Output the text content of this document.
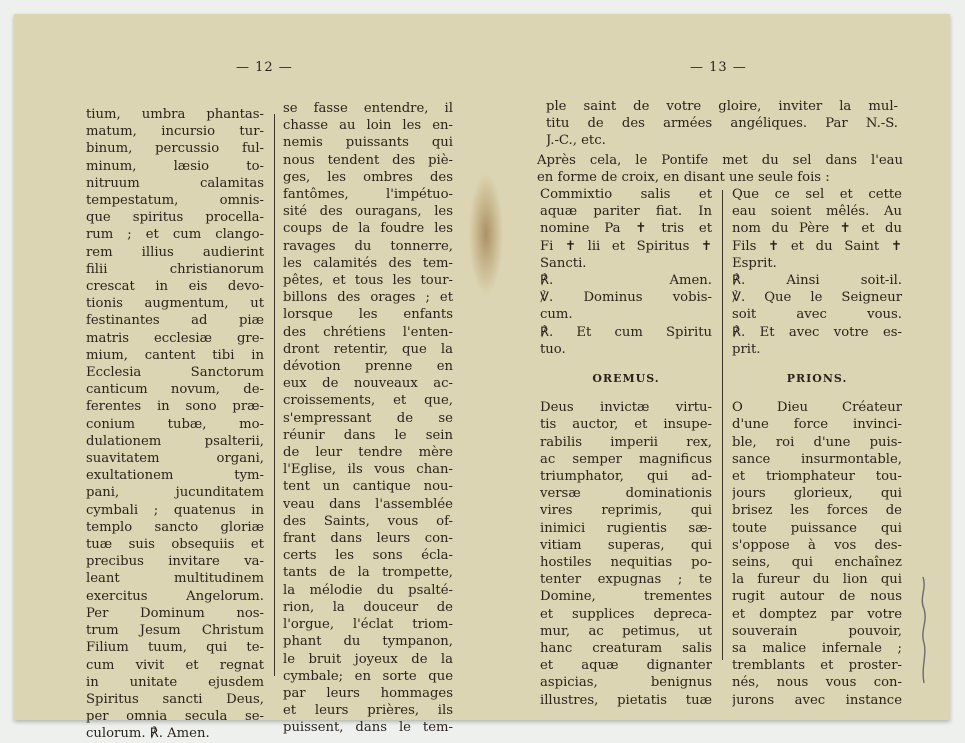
— 12 —
tium, umbra phantas-
matum, incursio tur-
binum, percussio ful-
minum, læsio to-
nitruum calamitas
tempestatum, omnis-
que spiritus procella-
rum ; et cum clango-
rem illius audierint
filii christianorum
crescat in eis devo-
tionis augmentum, ut
festinantes ad piæ
matris ecclesiæ gre-
mium, cantent tibi in
Ecclesia Sanctorum
canticum novum, de-
ferentes in sono præ-
conium tubæ, mo-
dulationem psalterii,
suavitatem organi,
exultationem tym-
pani, jucunditatem
cymbali ; quatenus in
templo sancto gloriæ
tuæ suis obsequiis et
precibus invitare va-
leant multitudinem
exercitus Angelorum.
Per Dominum nos-
trum Jesum Christum
Filium tuum, qui te-
cum vivit et regnat
in unitate ejusdem
Spiritus sancti Deus,
per omnia secula se-
culorum. ℟. Amen.
se fasse entendre, il
chasse au loin les en-
nemis puissants qui
nous tendent des piè-
ges, les ombres des
fantômes, l'impétuo-
sité des ouragans, les
coups de la foudre les
ravages du tonnerre,
les calamités des tem-
pêtes, et tous les tour-
billons des orages ; et
lorsque les enfants
des chrétiens l'enten-
dront retentir, que la
dévotion prenne en
eux de nouveaux ac-
croissements, et que,
s'empressant de se
réunir dans le sein
de leur tendre mère
l'Eglise, ils vous chan-
tent un cantique nou-
veau dans l'assemblée
des Saints, vous of-
frant dans leurs con-
certs les sons écla-
tants de la trompette,
la mélodie du psalté-
rion, la douceur de
l'orgue, l'éclat triom-
phant du tympanon,
le bruit joyeux de la
cymbale; en sorte que
par leurs hommages
et leurs prières, ils
puissent, dans le tem-
— 13 —
ple saint de votre gloire, inviter la mul-
titu de des armées angéliques. Par N.-S.
J.-C., etc.
Après cela, le Pontife met du sel dans l'eau
en forme de croix, en disant une seule fois :
Commixtio salis et
aquæ pariter fiat. In
nomine Pa ✝ tris et
Fi ✝ lii et Spiritus ✝
Sancti.
℟. Amen.
℣. Dominus vobis-
cum.
℟. Et cum Spiritu
tuo.
OREMUS.
Deus invictæ virtu-
tis auctor, et insupe-
rabilis imperii rex,
ac semper magnificus
triumphator, qui ad-
versæ dominationis
vires reprimis, qui
inimici rugientis sæ-
vitiam superas, qui
hostiles nequitias po-
tenter expugnas ; te
Domine, trementes
et supplices depreca-
mur, ac petimus, ut
hanc creaturam salis
et aquæ dignanter
aspicias, benignus
illustres, pietatis tuæ
Que ce sel et cette
eau soient mêlés. Au
nom du Père ✝ et du
Fils ✝ et du Saint ✝
Esprit.
℟. Ainsi soit-il.
℣. Que le Seigneur
soit avec vous.
℟. Et avec votre es-
prit.
PRIONS.
O Dieu Créateur
d'une force invinci-
ble, roi d'une puis-
sance insurmontable,
et triomphateur tou-
jours glorieux, qui
brisez les forces de
toute puissance qui
s'oppose à vos des-
seins, qui enchaînez
la fureur du lion qui
rugit autour de nous
et domptez par votre
souverain pouvoir,
sa malice infernale ;
tremblants et proster-
nés, nous vous con-
jurons avec instance
